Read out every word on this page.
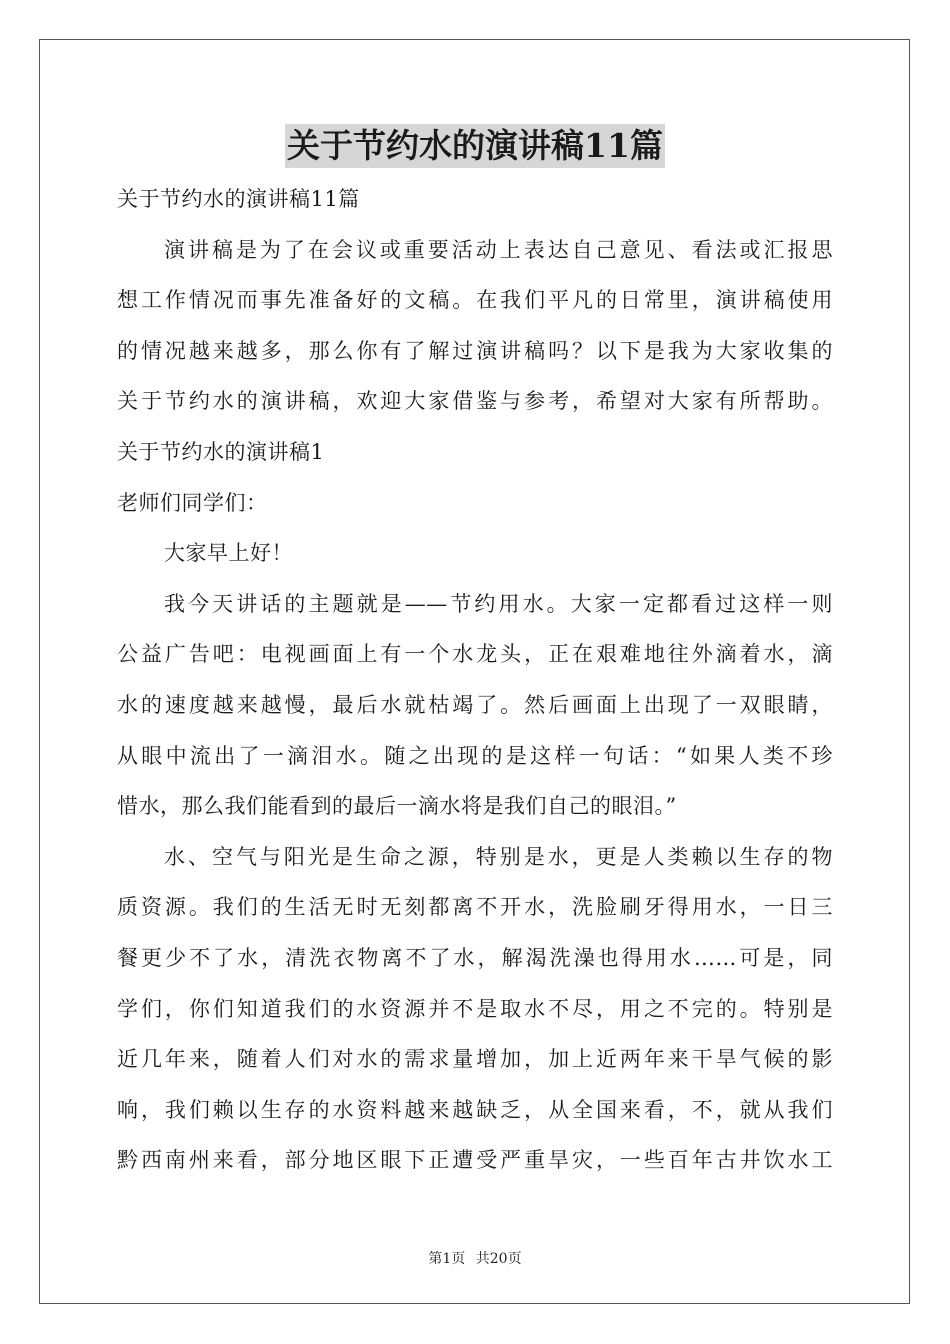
关于节约水的演讲稿11篇
关于节约水的演讲稿11篇
演讲稿是为了在会议或重要活动上表达自己意见、看法或汇报思
想工作情况而事先准备好的文稿。在我们平凡的日常里，演讲稿使用
的情况越来越多，那么你有了解过演讲稿吗？以下是我为大家收集的
关于节约水的演讲稿，欢迎大家借鉴与参考，希望对大家有所帮助。
关于节约水的演讲稿1
老师们同学们：
大家早上好！
我今天讲话的主题就是——节约用水。大家一定都看过这样一则
公益广告吧：电视画面上有一个水龙头，正在艰难地往外滴着水，滴
水的速度越来越慢，最后水就枯竭了。然后画面上出现了一双眼睛，
从眼中流出了一滴泪水。随之出现的是这样一句话：“如果人类不珍
惜水，那么我们能看到的最后一滴水将是我们自己的眼泪。”
水、空气与阳光是生命之源，特别是水，更是人类赖以生存的物
质资源。我们的生活无时无刻都离不开水，洗脸刷牙得用水，一日三
餐更少不了水，清洗衣物离不了水，解渴洗澡也得用水……可是，同
学们，你们知道我们的水资源并不是取水不尽，用之不完的。特别是
近几年来，随着人们对水的需求量增加，加上近两年来干旱气候的影
响，我们赖以生存的水资料越来越缺乏，从全国来看，不，就从我们
黔西南州来看，部分地区眼下正遭受严重旱灾，一些百年古井饮水工
第1页 共20页
